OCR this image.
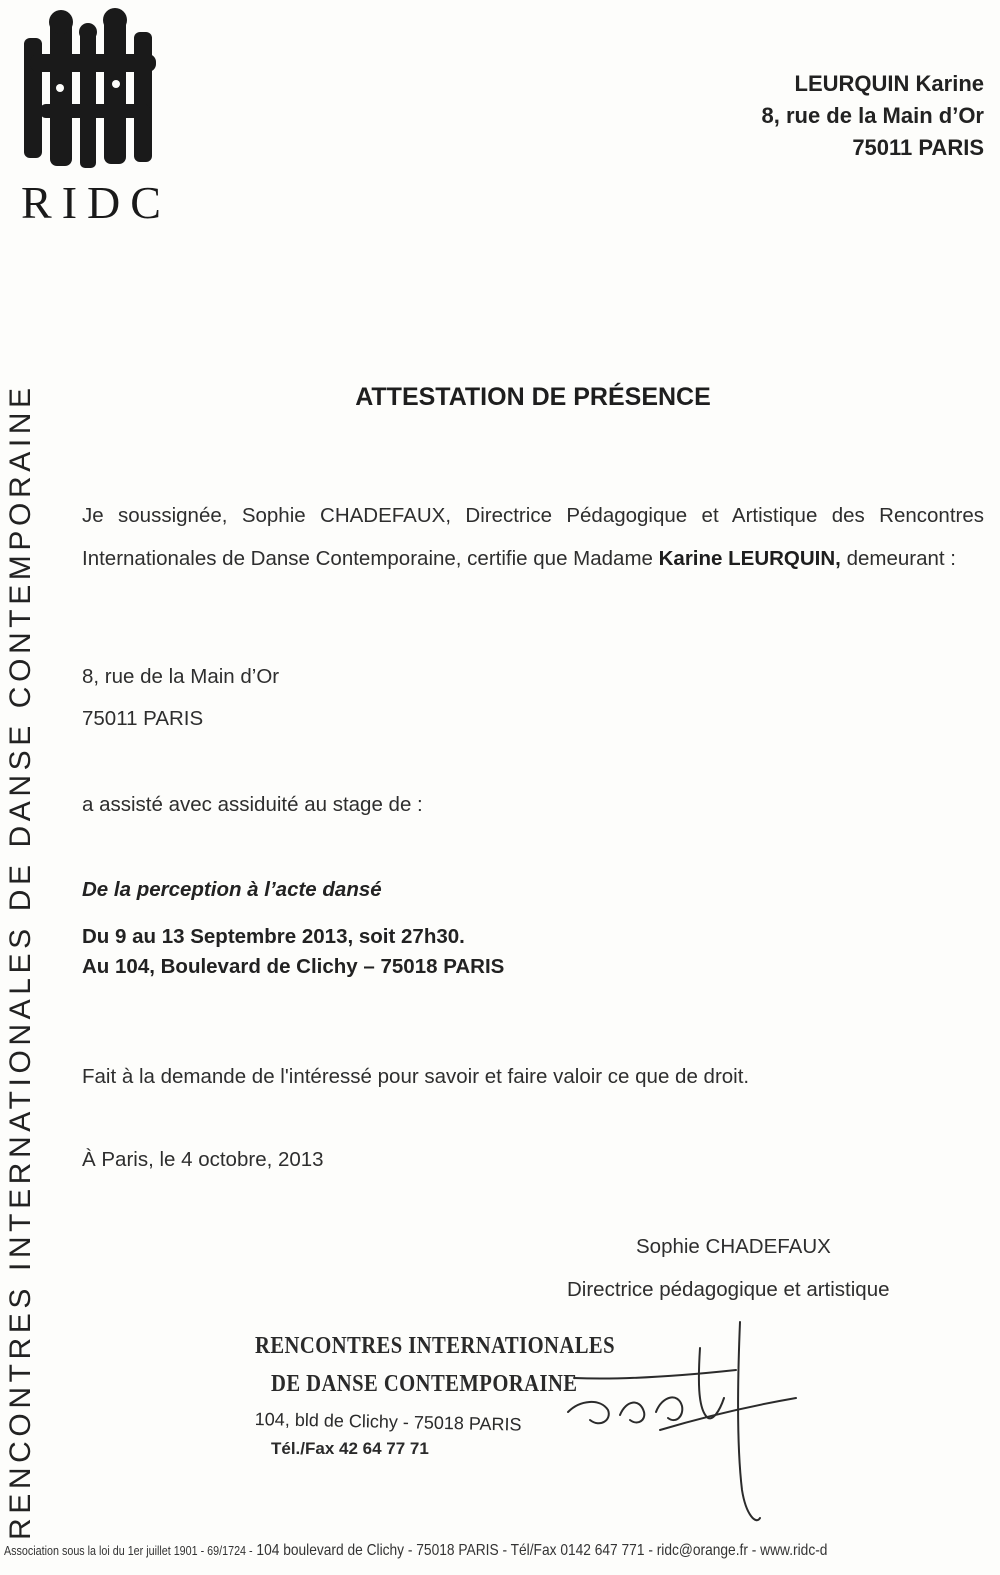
RIDC
LEURQUIN Karine
8, rue de la Main d’Or
75011 PARIS
RENCONTRES INTERNATIONALES DE DANSE CONTEMPORAINE	ATTESTATION DE PRÉSENCE
Je soussignée, Sophie CHADEFAUX, Directrice Pédagogique et Artistique des Rencontres Internationales de Danse Contemporaine, certifie que Madame Karine LEURQUIN, demeurant :
8, rue de la Main d’Or
75011 PARIS
a assisté avec assiduité au stage de :
De la perception à l’acte dansé
Du 9 au 13 Septembre 2013, soit 27h30.
Au 104, Boulevard de Clichy – 75018 PARIS
Fait à la demande de l'intéressé pour savoir et faire valoir ce que de droit.
À Paris, le 4 octobre, 2013
Sophie CHADEFAUX
Directrice pédagogique et artistique
RENCONTRES INTERNATIONALES
DE DANSE CONTEMPORAINE
104, bld de Clichy - 75018 PARIS
Tél./Fax 42 64 77 71
Association sous la loi du 1er juillet 1901 - 69/1724 - 104 boulevard de Clichy - 75018 PARIS - Tél/Fax 0142 647 771 - ridc@orange.fr - www.ridc-d
